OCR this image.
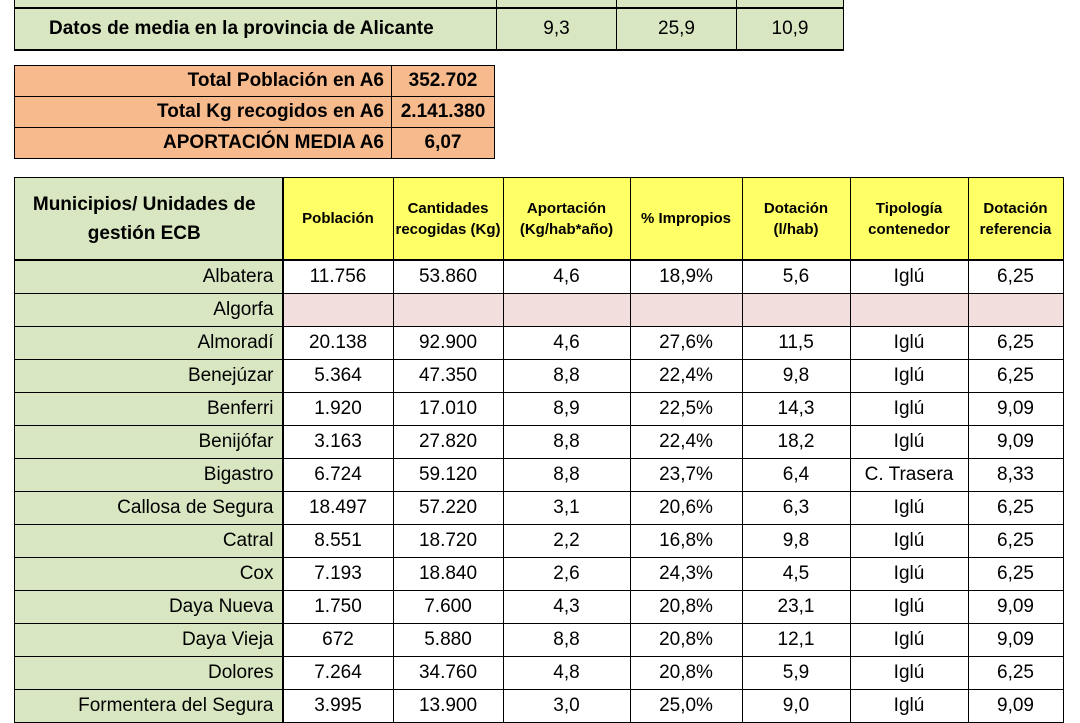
Datos de media en la provincia de Alicante	9,3	25,9	10,9
Total Población en A6	352.702
Total Kg recogidos en A6	2.141.380
APORTACIÓN MEDIA A6	6,07
Municipios/ Unidades de gestión ECB	Población	Cantidades recogidas (Kg)	Aportación (Kg/hab*año)	% Impropios	Dotación (l/hab)	Tipología contenedor	Dotación referencia
Albatera	11.756	53.860	4,6	18,9%	5,6	Iglú	6,25
Algorfa							
Almoradí	20.138	92.900	4,6	27,6%	11,5	Iglú	6,25
Benejúzar	5.364	47.350	8,8	22,4%	9,8	Iglú	6,25
Benferri	1.920	17.010	8,9	22,5%	14,3	Iglú	9,09
Benijófar	3.163	27.820	8,8	22,4%	18,2	Iglú	9,09
Bigastro	6.724	59.120	8,8	23,7%	6,4	C. Trasera	8,33
Callosa de Segura	18.497	57.220	3,1	20,6%	6,3	Iglú	6,25
Catral	8.551	18.720	2,2	16,8%	9,8	Iglú	6,25
Cox	7.193	18.840	2,6	24,3%	4,5	Iglú	6,25
Daya Nueva	1.750	7.600	4,3	20,8%	23,1	Iglú	9,09
Daya Vieja	672	5.880	8,8	20,8%	12,1	Iglú	9,09
Dolores	7.264	34.760	4,8	20,8%	5,9	Iglú	6,25
Formentera del Segura	3.995	13.900	3,0	25,0%	9,0	Iglú	9,09
